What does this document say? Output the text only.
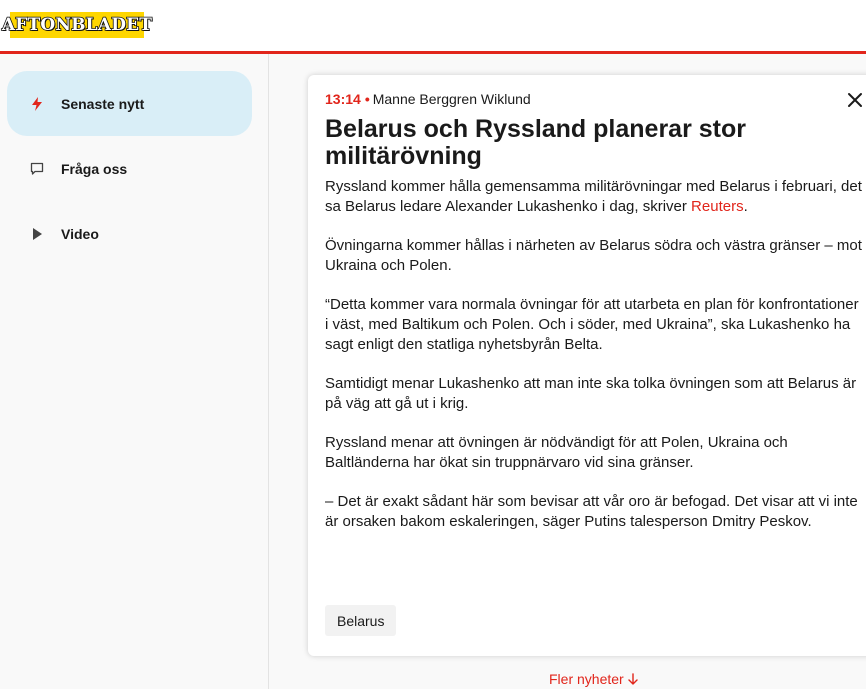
AFTONBLADET
Senaste nytt
Fråga oss
Video
13:14 • Manne Berggren Wiklund
Belarus och Ryssland planerar stor militärövning

Ryssland kommer hålla gemensamma militärövningar med Belarus i februari, det sa Belarus ledare Alexander Lukashenko i dag, skriver Reuters.

Övningarna kommer hållas i närheten av Belarus södra och västra gränser – mot Ukraina och Polen.

“Detta kommer vara normala övningar för att utarbeta en plan för konfrontationer i väst, med Baltikum och Polen. Och i söder, med Ukraina”, ska Lukashenko ha sagt enligt den statliga nyhetsbyrån Belta.

Samtidigt menar Lukashenko att man inte ska tolka övningen som att Belarus är på väg att gå ut i krig.

Ryssland menar att övningen är nödvändigt för att Polen, Ukraina och Baltländerna har ökat sin truppnärvaro vid sina gränser.

– Det är exakt sådant här som bevisar att vår oro är befogad. Det visar att vi inte är orsaken bakom eskaleringen, säger Putins talesperson Dmitry Peskov.

Belarus
Fler nyheter
